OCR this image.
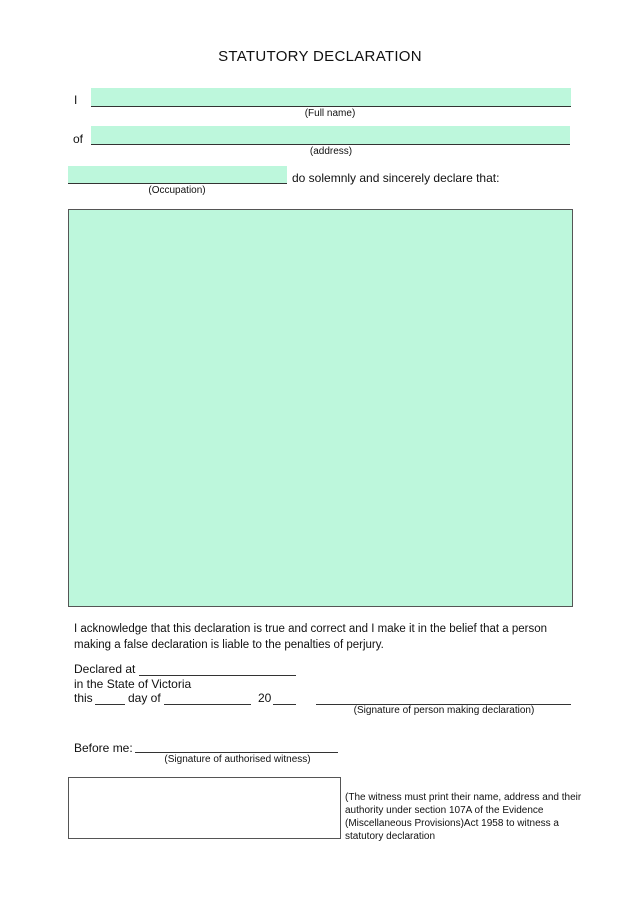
STATUTORY DECLARATION
I
(Full name)
of
(address)
do solemnly and sincerely declare that:
(Occupation)
I acknowledge that this declaration is true and correct and I make it in the belief that a person making a false declaration is liable to the penalties of perjury.
Declared at
in the State of Victoria
this	day of	20
(Signature of person making declaration)
Before me:
(Signature of authorised witness)
(The witness must print their name, address and their authority under section 107A of the Evidence (Miscellaneous Provisions)Act 1958 to witness a statutory declaration
